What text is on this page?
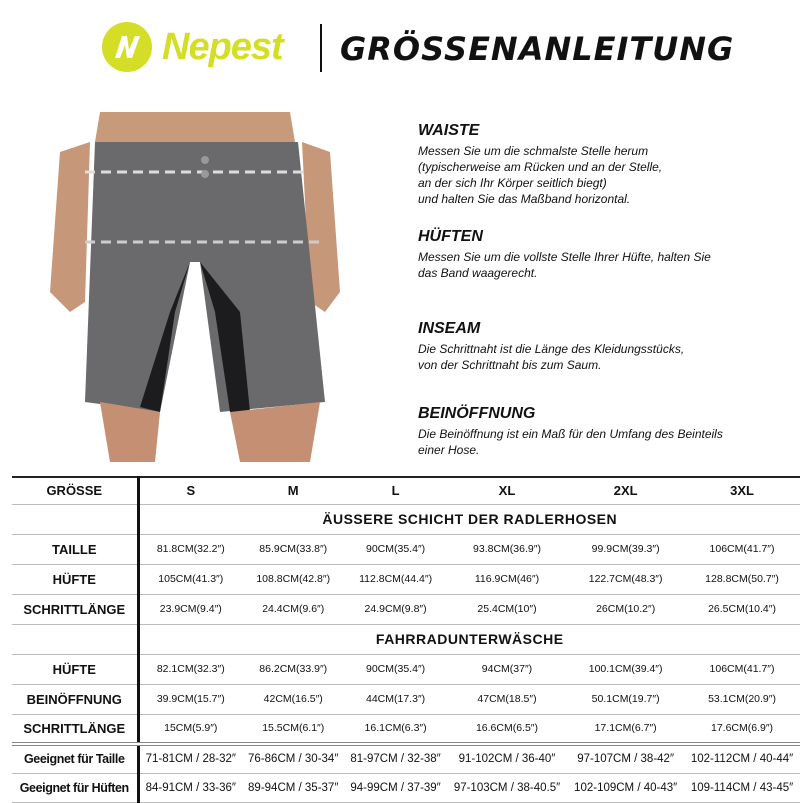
Nepest GRÖSSENANLEITUNG
WAISTE

Messen Sie um die schmalste Stelle herum
(typischerweise am Rücken und an der Stelle,
an der sich Ihr Körper seitlich biegt)
und halten Sie das Maßband horizontal.

HÜFTEN

Messen Sie um die vollste Stelle Ihrer Hüfte, halten Sie
das Band waagerecht.

INSEAM

Die Schrittnaht ist die Länge des Kleidungsstücks,
von der Schrittnaht bis zum Saum.

BEINÖFFNUNG

Die Beinöffnung ist ein Maß für den Umfang des Beinteils
einer Hose.

GRÖSSE	S	M	L	XL	2XL	3XL
	ÄUSSERE SCHICHT DER RADLERHOSEN					
TAILLE	81.8CM(32.2″)	85.9CM(33.8″)	90CM(35.4″)	93.8CM(36.9″)	99.9CM(39.3″)	106CM(41.7″)
HÜFTE	105CM(41.3″)	108.8CM(42.8″)	112.8CM(44.4″)	116.9CM(46″)	122.7CM(48.3″)	128.8CM(50.7″)
SCHRITTLÄNGE	23.9CM(9.4″)	24.4CM(9.6″)	24.9CM(9.8″)	25.4CM(10″)	26CM(10.2″)	26.5CM(10.4″)
	FAHRRADUNTERWÄSCHE					
HÜFTE	82.1CM(32.3″)	86.2CM(33.9″)	90CM(35.4″)	94CM(37″)	100.1CM(39.4″)	106CM(41.7″)
BEINÖFFNUNG	39.9CM(15.7″)	42CM(16.5″)	44CM(17.3″)	47CM(18.5″)	50.1CM(19.7″)	53.1CM(20.9″)
SCHRITTLÄNGE	15CM(5.9″)	15.5CM(6.1″)	16.1CM(6.3″)	16.6CM(6.5″)	17.1CM(6.7″)	17.6CM(6.9″)
Geeignet für Taille	71-81CM / 28-32″	76-86CM / 30-34″	81-97CM / 32-38″	91-102CM / 36-40″	97-107CM / 38-42″	102-112CM / 40-44″
Geeignet für Hüften	84-91CM / 33-36″	89-94CM / 35-37″	94-99CM / 37-39″	97-103CM / 38-40.5″	102-109CM / 40-43″	109-114CM / 43-45″
